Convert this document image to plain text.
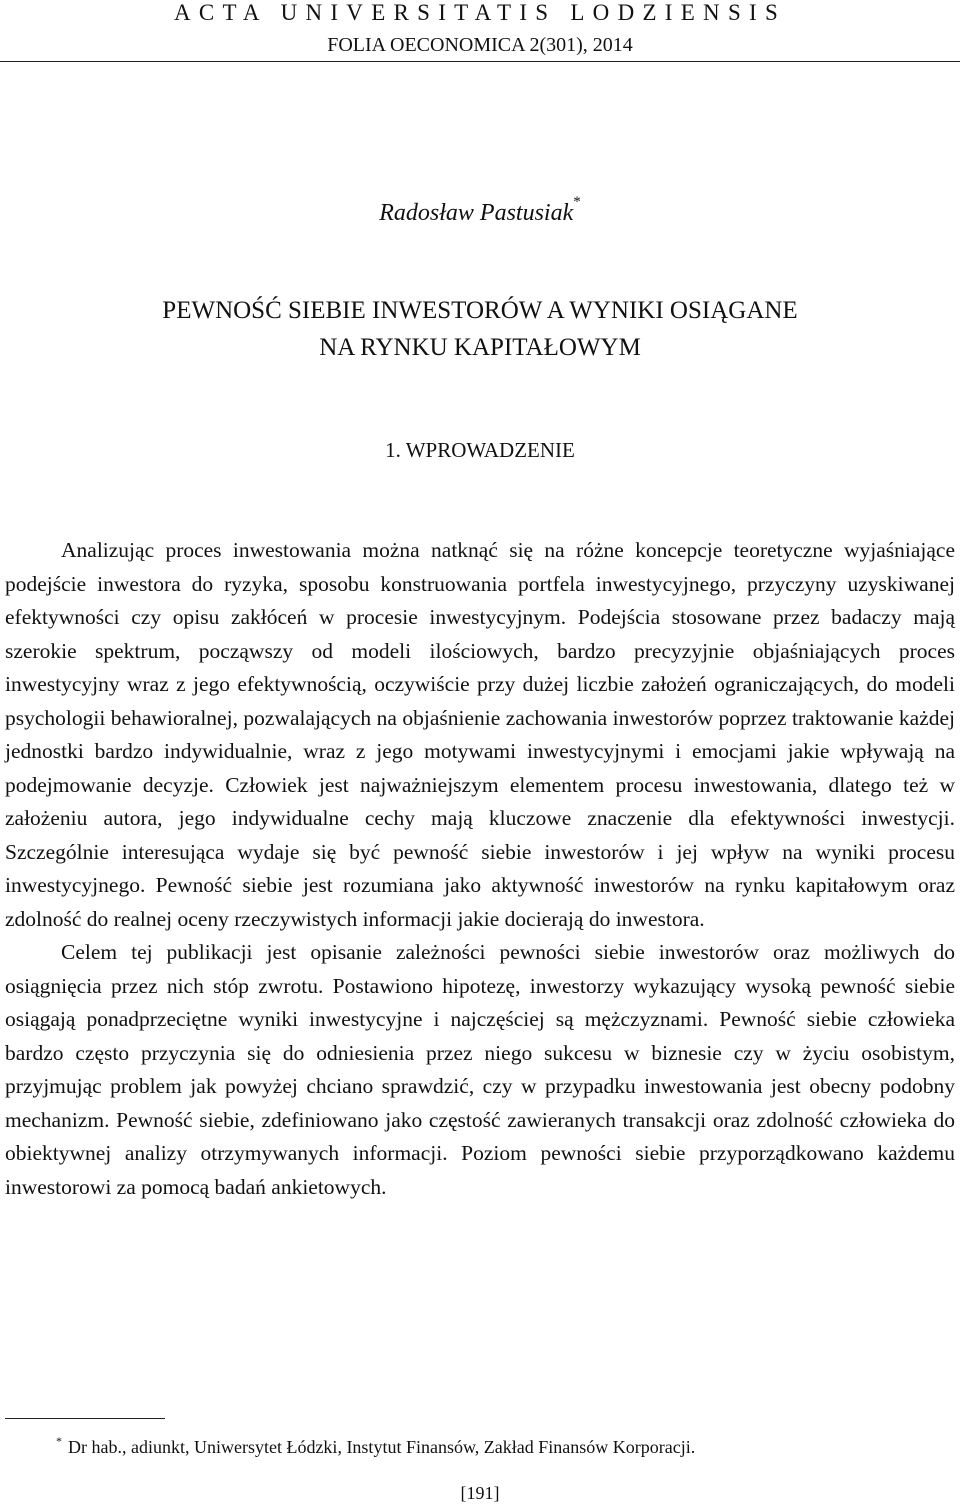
ACTA UNIVERSITATIS LODZIENSIS
FOLIA OECONOMICA 2(301), 2014
Radosław Pastusiak*
PEWNOŚĆ SIEBIE INWESTORÓW A WYNIKI OSIĄGANE
NA RYNKU KAPITAŁOWYM
1. WPROWADZENIE

Analizując proces inwestowania można natknąć się na różne koncepcje teoretyczne wyjaśniające podejście inwestora do ryzyka, sposobu konstruowania portfela inwestycyjnego, przyczyny uzyskiwanej efektywności czy opisu zakłóceń w procesie inwestycyjnym. Podejścia stosowane przez badaczy mają szerokie spektrum, począwszy od modeli ilościowych, bardzo precyzyjnie objaśniających proces inwestycyjny wraz z jego efektywnością, oczywiście przy dużej liczbie założeń ograniczających, do modeli psychologii behawioralnej, pozwalających na objaśnienie zachowania inwestorów poprzez traktowanie każdej jednostki bardzo indywidualnie, wraz z jego motywami inwestycyjnymi i emocjami jakie wpływają na podejmowanie decyzje. Człowiek jest najważniejszym elementem procesu inwestowania, dlatego też w założeniu autora, jego indywidualne cechy mają kluczowe znaczenie dla efektywności inwestycji. Szczególnie interesująca wydaje się być pewność siebie inwestorów i jej wpływ na wyniki procesu inwestycyjnego. Pewność siebie jest rozumiana jako aktywność inwestorów na rynku kapitałowym oraz zdolność do realnej oceny rzeczywistych informacji jakie docierają do inwestora.

Celem tej publikacji jest opisanie zależności pewności siebie inwestorów oraz możliwych do osiągnięcia przez nich stóp zwrotu. Postawiono hipotezę, inwestorzy wykazujący wysoką pewność siebie osiągają ponadprzeciętne wyniki inwestycyjne i najczęściej są mężczyznami. Pewność siebie człowieka bardzo często przyczynia się do odniesienia przez niego sukcesu w biznesie czy w życiu osobistym, przyjmując problem jak powyżej chciano sprawdzić, czy w przypadku inwestowania jest obecny podobny mechanizm. Pewność siebie, zdefiniowano jako częstość zawieranych transakcji oraz zdolność człowieka do obiektywnej analizy otrzymywanych informacji. Poziom pewności siebie przyporządkowano każdemu inwestorowi za pomocą badań ankietowych.

* Dr hab., adiunkt, Uniwersytet Łódzki, Instytut Finansów, Zakład Finansów Korporacji.
[191]
